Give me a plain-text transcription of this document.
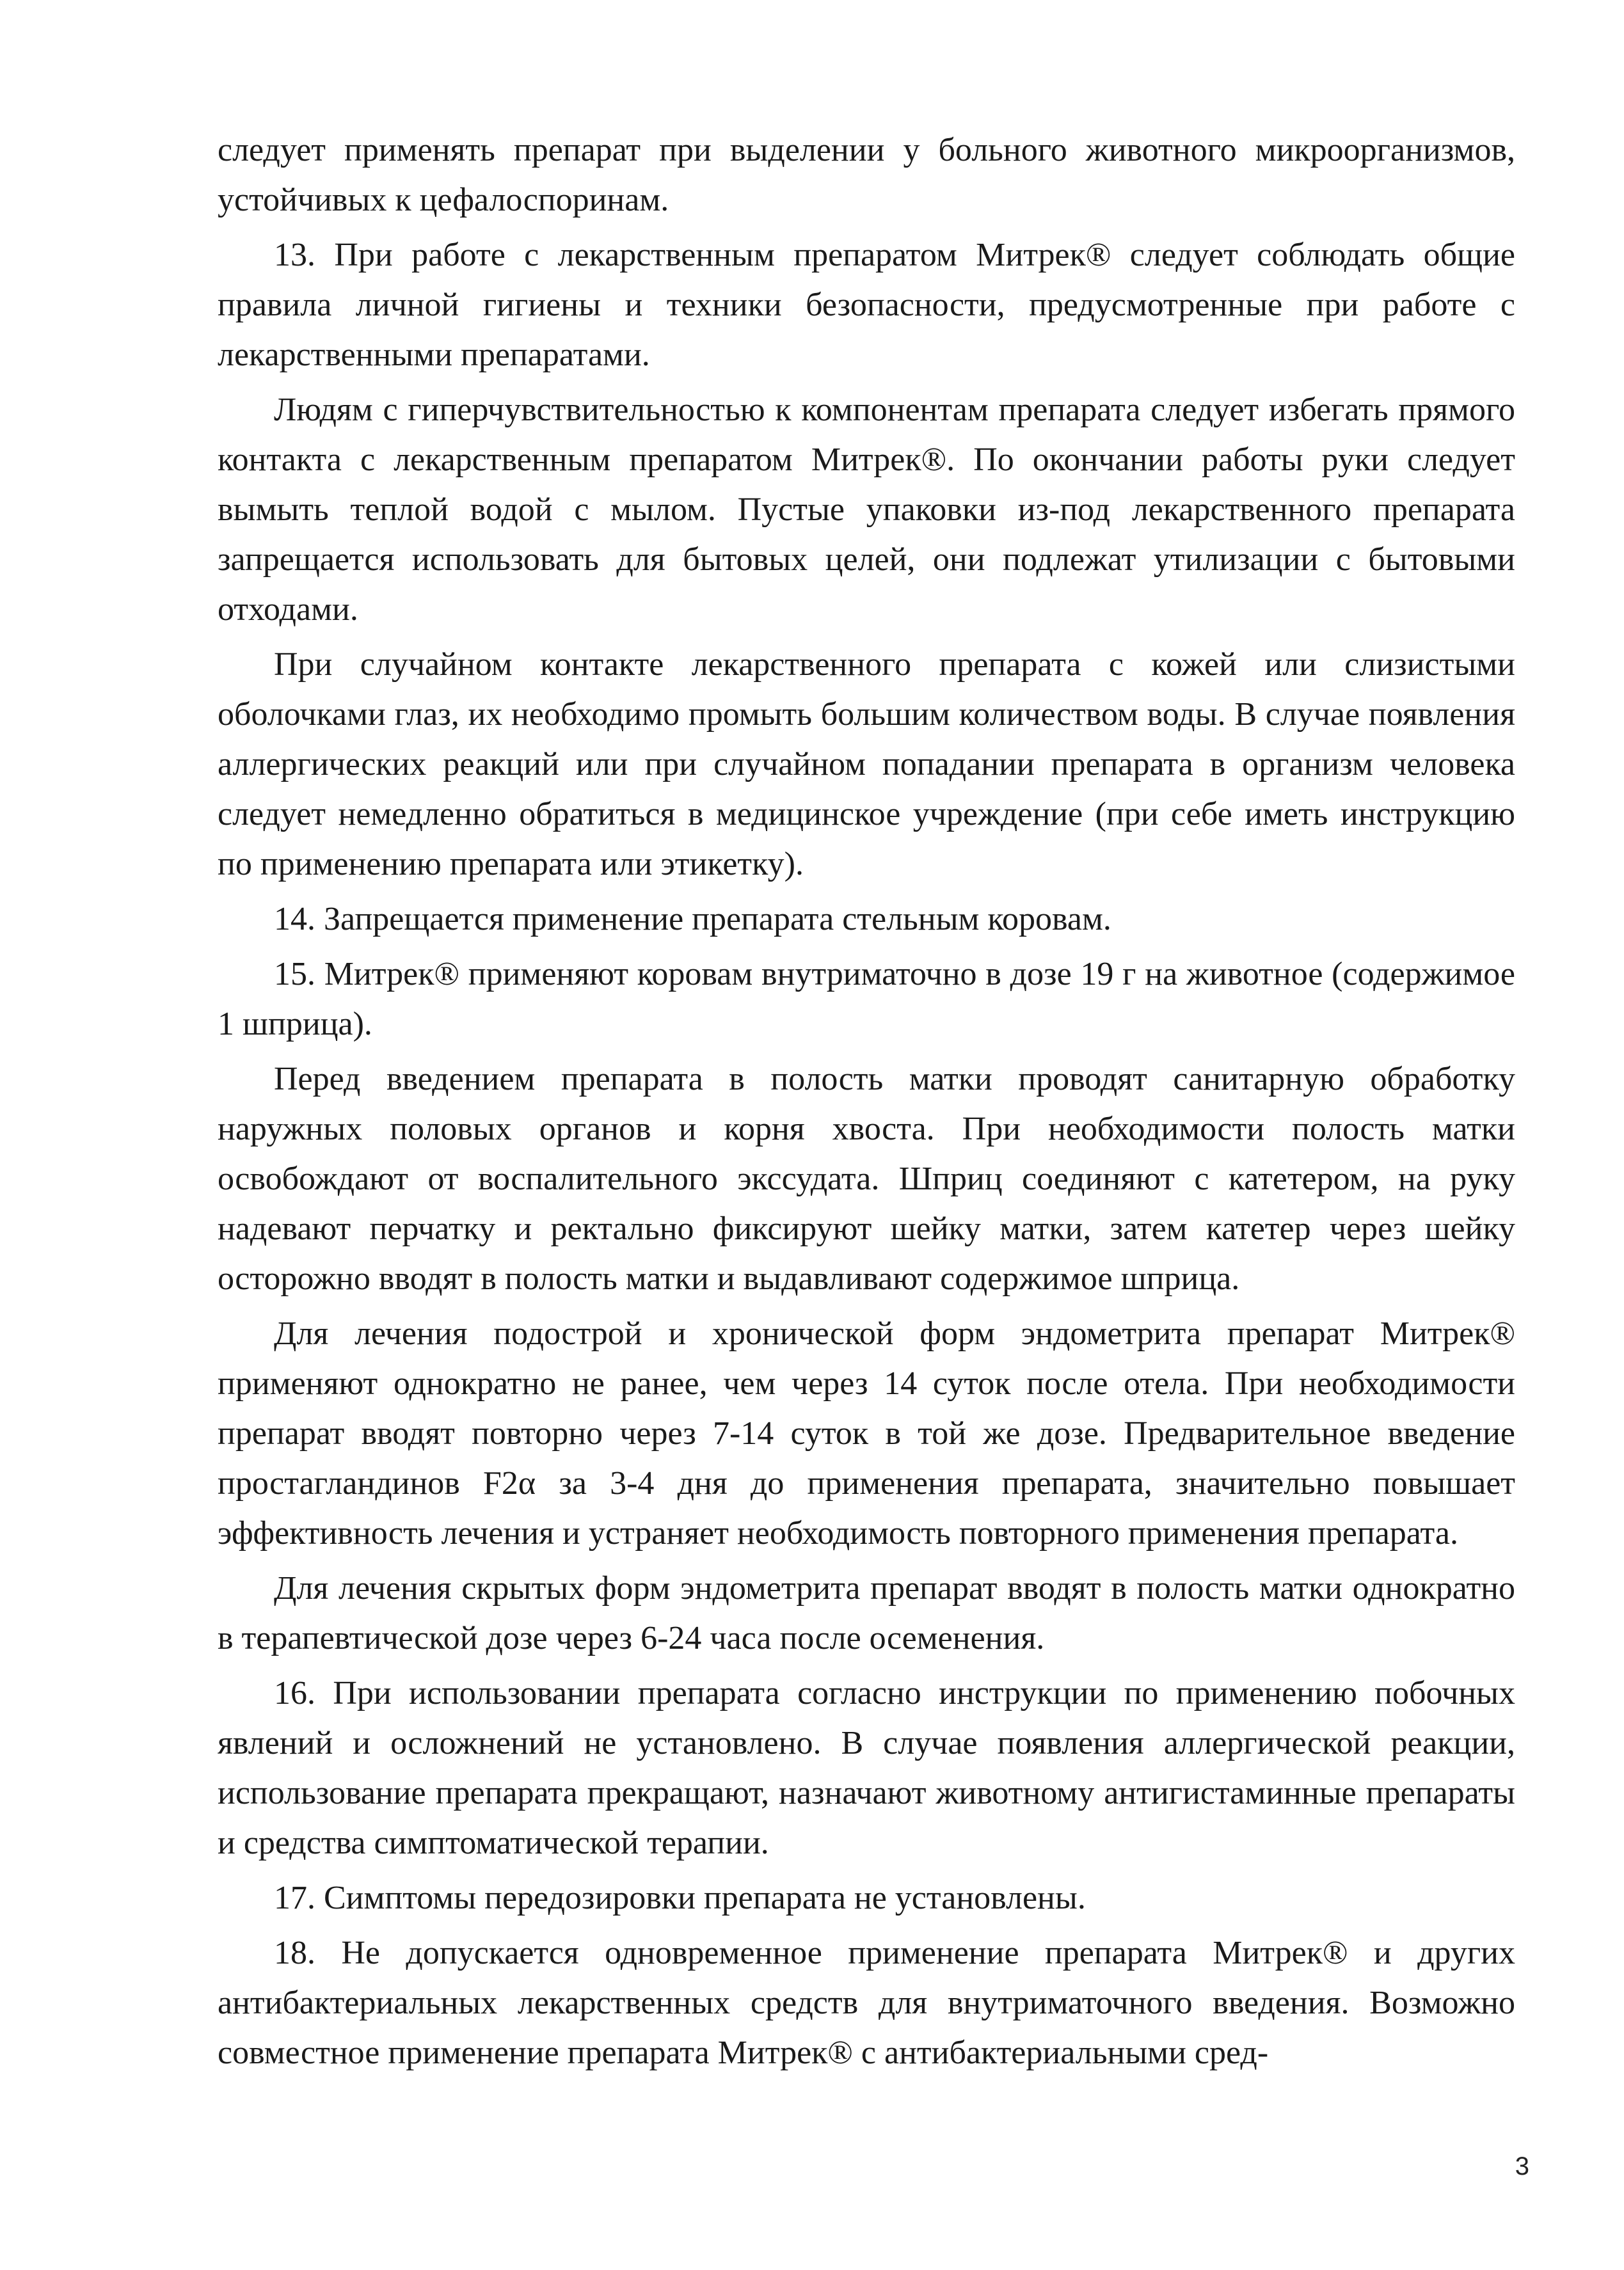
следует применять препарат при выделении у больного животного микроорганизмов, устойчивых к цефалоспоринам.

13. При работе с лекарственным препаратом Митрек® следует соблюдать общие правила личной гигиены и техники безопасности, предусмотренные при работе с лекарственными препаратами.

Людям с гиперчувствительностью к компонентам препарата следует избегать прямого контакта с лекарственным препаратом Митрек®. По окончании работы руки следует вымыть теплой водой с мылом. Пустые упаковки из-под лекарственного препарата запрещается использовать для бытовых целей, они подлежат утилизации с бытовыми отходами.

При случайном контакте лекарственного препарата с кожей или слизистыми оболочками глаз, их необходимо промыть большим количеством воды. В случае появления аллергических реакций или при случайном попадании препарата в организм человека следует немедленно обратиться в медицинское учреждение (при себе иметь инструкцию по применению препарата или этикетку).

14. Запрещается применение препарата стельным коровам.

15. Митрек® применяют коровам внутриматочно в дозе 19 г на животное (содержимое 1 шприца).

Перед введением препарата в полость матки проводят санитарную обработку наружных половых органов и корня хвоста. При необходимости полость матки освобождают от воспалительного экссудата. Шприц соединяют с катетером, на руку надевают перчатку и ректально фиксируют шейку матки, затем катетер через шейку осторожно вводят в полость матки и выдавливают содержимое шприца.

Для лечения подострой и хронической форм эндометрита препарат Митрек® применяют однократно не ранее, чем через 14 суток после отела. При необходимости препарат вводят повторно через 7-14 суток в той же дозе. Предварительное введение простагландинов F2α за 3-4 дня до применения препарата, значительно повышает эффективность лечения и устраняет необходимость повторного применения препарата.

Для лечения скрытых форм эндометрита препарат вводят в полость матки однократно в терапевтической дозе через 6-24 часа после осеменения.

16. При использовании препарата согласно инструкции по применению побочных явлений и осложнений не установлено. В случае появления аллергической реакции, использование препарата прекращают, назначают животному антигистаминные препараты и средства симптоматической терапии.

17. Симптомы передозировки препарата не установлены.

18. Не допускается одновременное применение препарата Митрек® и других антибактериальных лекарственных средств для внутриматочного введения. Возможно совместное применение препарата Митрек® с антибактериальными сред-

3
